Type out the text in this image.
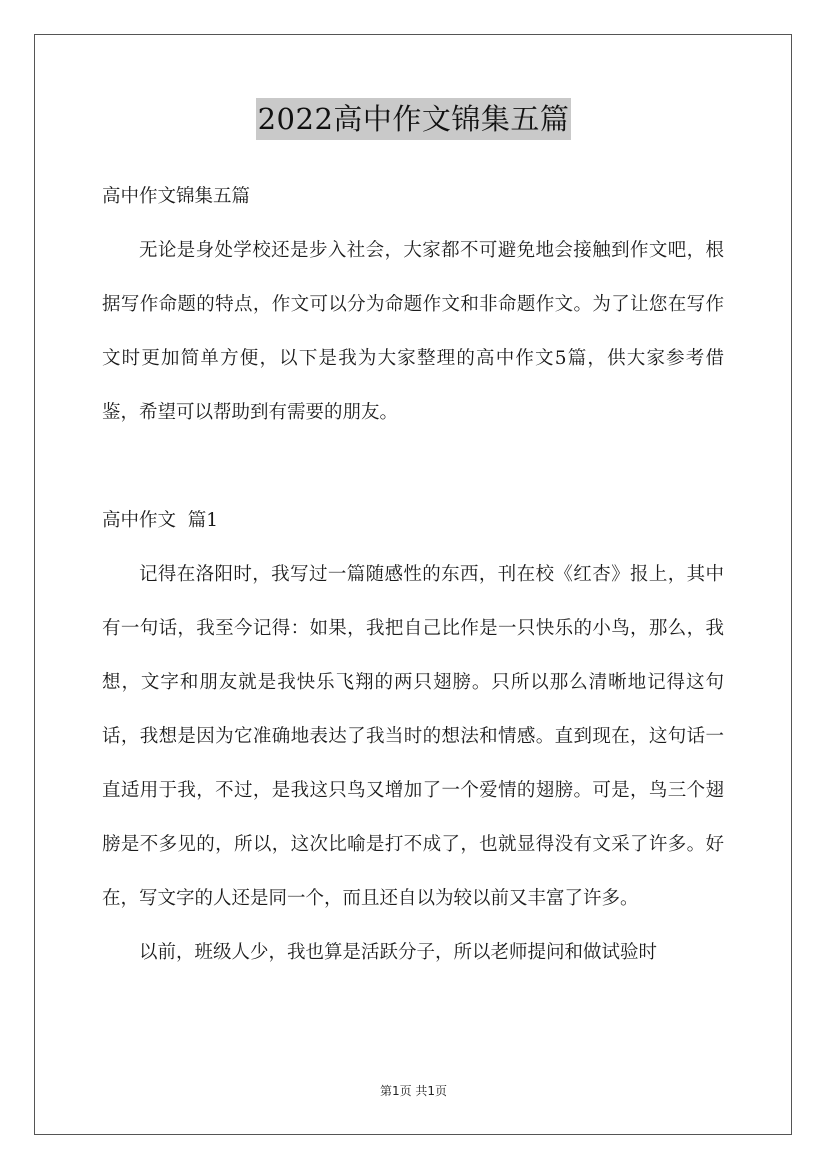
2022高中作文锦集五篇

高中作文锦集五篇

无论是身处学校还是步入社会，大家都不可避免地会接触到作文吧，根据写作命题的特点，作文可以分为命题作文和非命题作文。为了让您在写作文时更加简单方便，以下是我为大家整理的高中作文5篇，供大家参考借鉴，希望可以帮助到有需要的朋友。

高中作文  篇1

记得在洛阳时，我写过一篇随感性的东西，刊在校《红杏》报上，其中有一句话，我至今记得：如果，我把自己比作是一只快乐的小鸟，那么，我想，文字和朋友就是我快乐飞翔的两只翅膀。只所以那么清晰地记得这句话，我想是因为它准确地表达了我当时的想法和情感。直到现在，这句话一直适用于我，不过，是我这只鸟又增加了一个爱情的翅膀。可是，鸟三个翅膀是不多见的，所以，这次比喻是打不成了，也就显得没有文采了许多。好在，写文字的人还是同一个，而且还自以为较以前又丰富了许多。

以前，班级人少，我也算是活跃分子，所以老师提问和做试验时

第1页 共1页
